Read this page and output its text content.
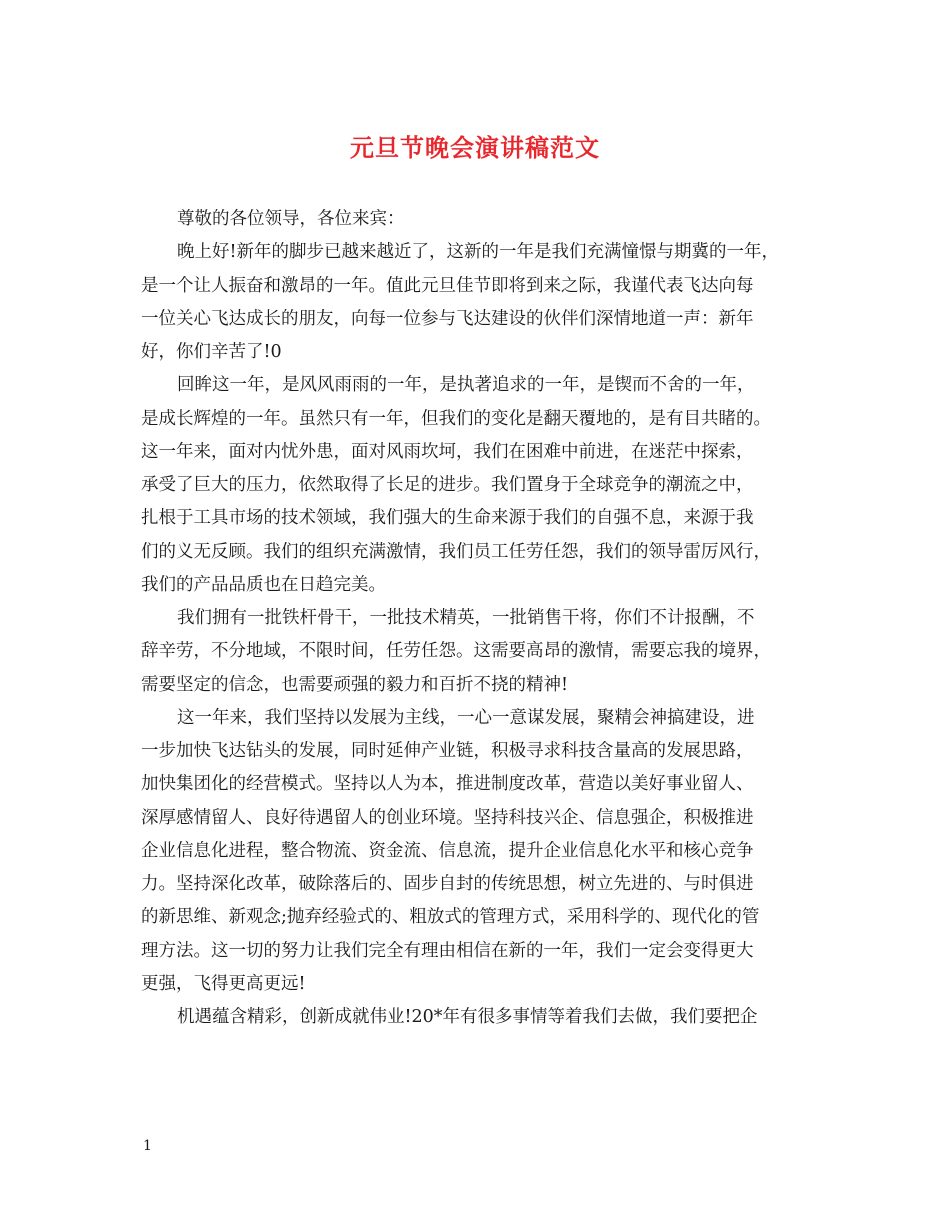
元旦节晚会演讲稿范文
尊敬的各位领导，各位来宾：
晚上好!新年的脚步已越来越近了，这新的一年是我们充满憧憬与期冀的一年，
是一个让人振奋和激昂的一年。值此元旦佳节即将到来之际，我谨代表飞达向每
一位关心飞达成长的朋友，向每一位参与飞达建设的伙伴们深情地道一声：新年
好，你们辛苦了!0
回眸这一年，是风风雨雨的一年，是执著追求的一年，是锲而不舍的一年，
是成长辉煌的一年。虽然只有一年，但我们的变化是翻天覆地的，是有目共睹的。
这一年来，面对内忧外患，面对风雨坎坷，我们在困难中前进，在迷茫中探索，
承受了巨大的压力，依然取得了长足的进步。我们置身于全球竞争的潮流之中，
扎根于工具市场的技术领域，我们强大的生命来源于我们的自强不息，来源于我
们的义无反顾。我们的组织充满激情，我们员工任劳任怨，我们的领导雷厉风行，
我们的产品品质也在日趋完美。
我们拥有一批铁杆骨干，一批技术精英，一批销售干将，你们不计报酬，不
辞辛劳，不分地域，不限时间，任劳任怨。这需要高昂的激情，需要忘我的境界，
需要坚定的信念，也需要顽强的毅力和百折不挠的精神!
这一年来，我们坚持以发展为主线，一心一意谋发展，聚精会神搞建设，进
一步加快飞达钻头的发展，同时延伸产业链，积极寻求科技含量高的发展思路，
加快集团化的经营模式。坚持以人为本，推进制度改革，营造以美好事业留人、
深厚感情留人、良好待遇留人的创业环境。坚持科技兴企、信息强企，积极推进
企业信息化进程，整合物流、资金流、信息流，提升企业信息化水平和核心竞争
力。坚持深化改革，破除落后的、固步自封的传统思想，树立先进的、与时俱进
的新思维、新观念;抛弃经验式的、粗放式的管理方式，采用科学的、现代化的管
理方法。这一切的努力让我们完全有理由相信在新的一年，我们一定会变得更大
更强，飞得更高更远!
机遇蕴含精彩，创新成就伟业!20*年有很多事情等着我们去做，我们要把企
1
